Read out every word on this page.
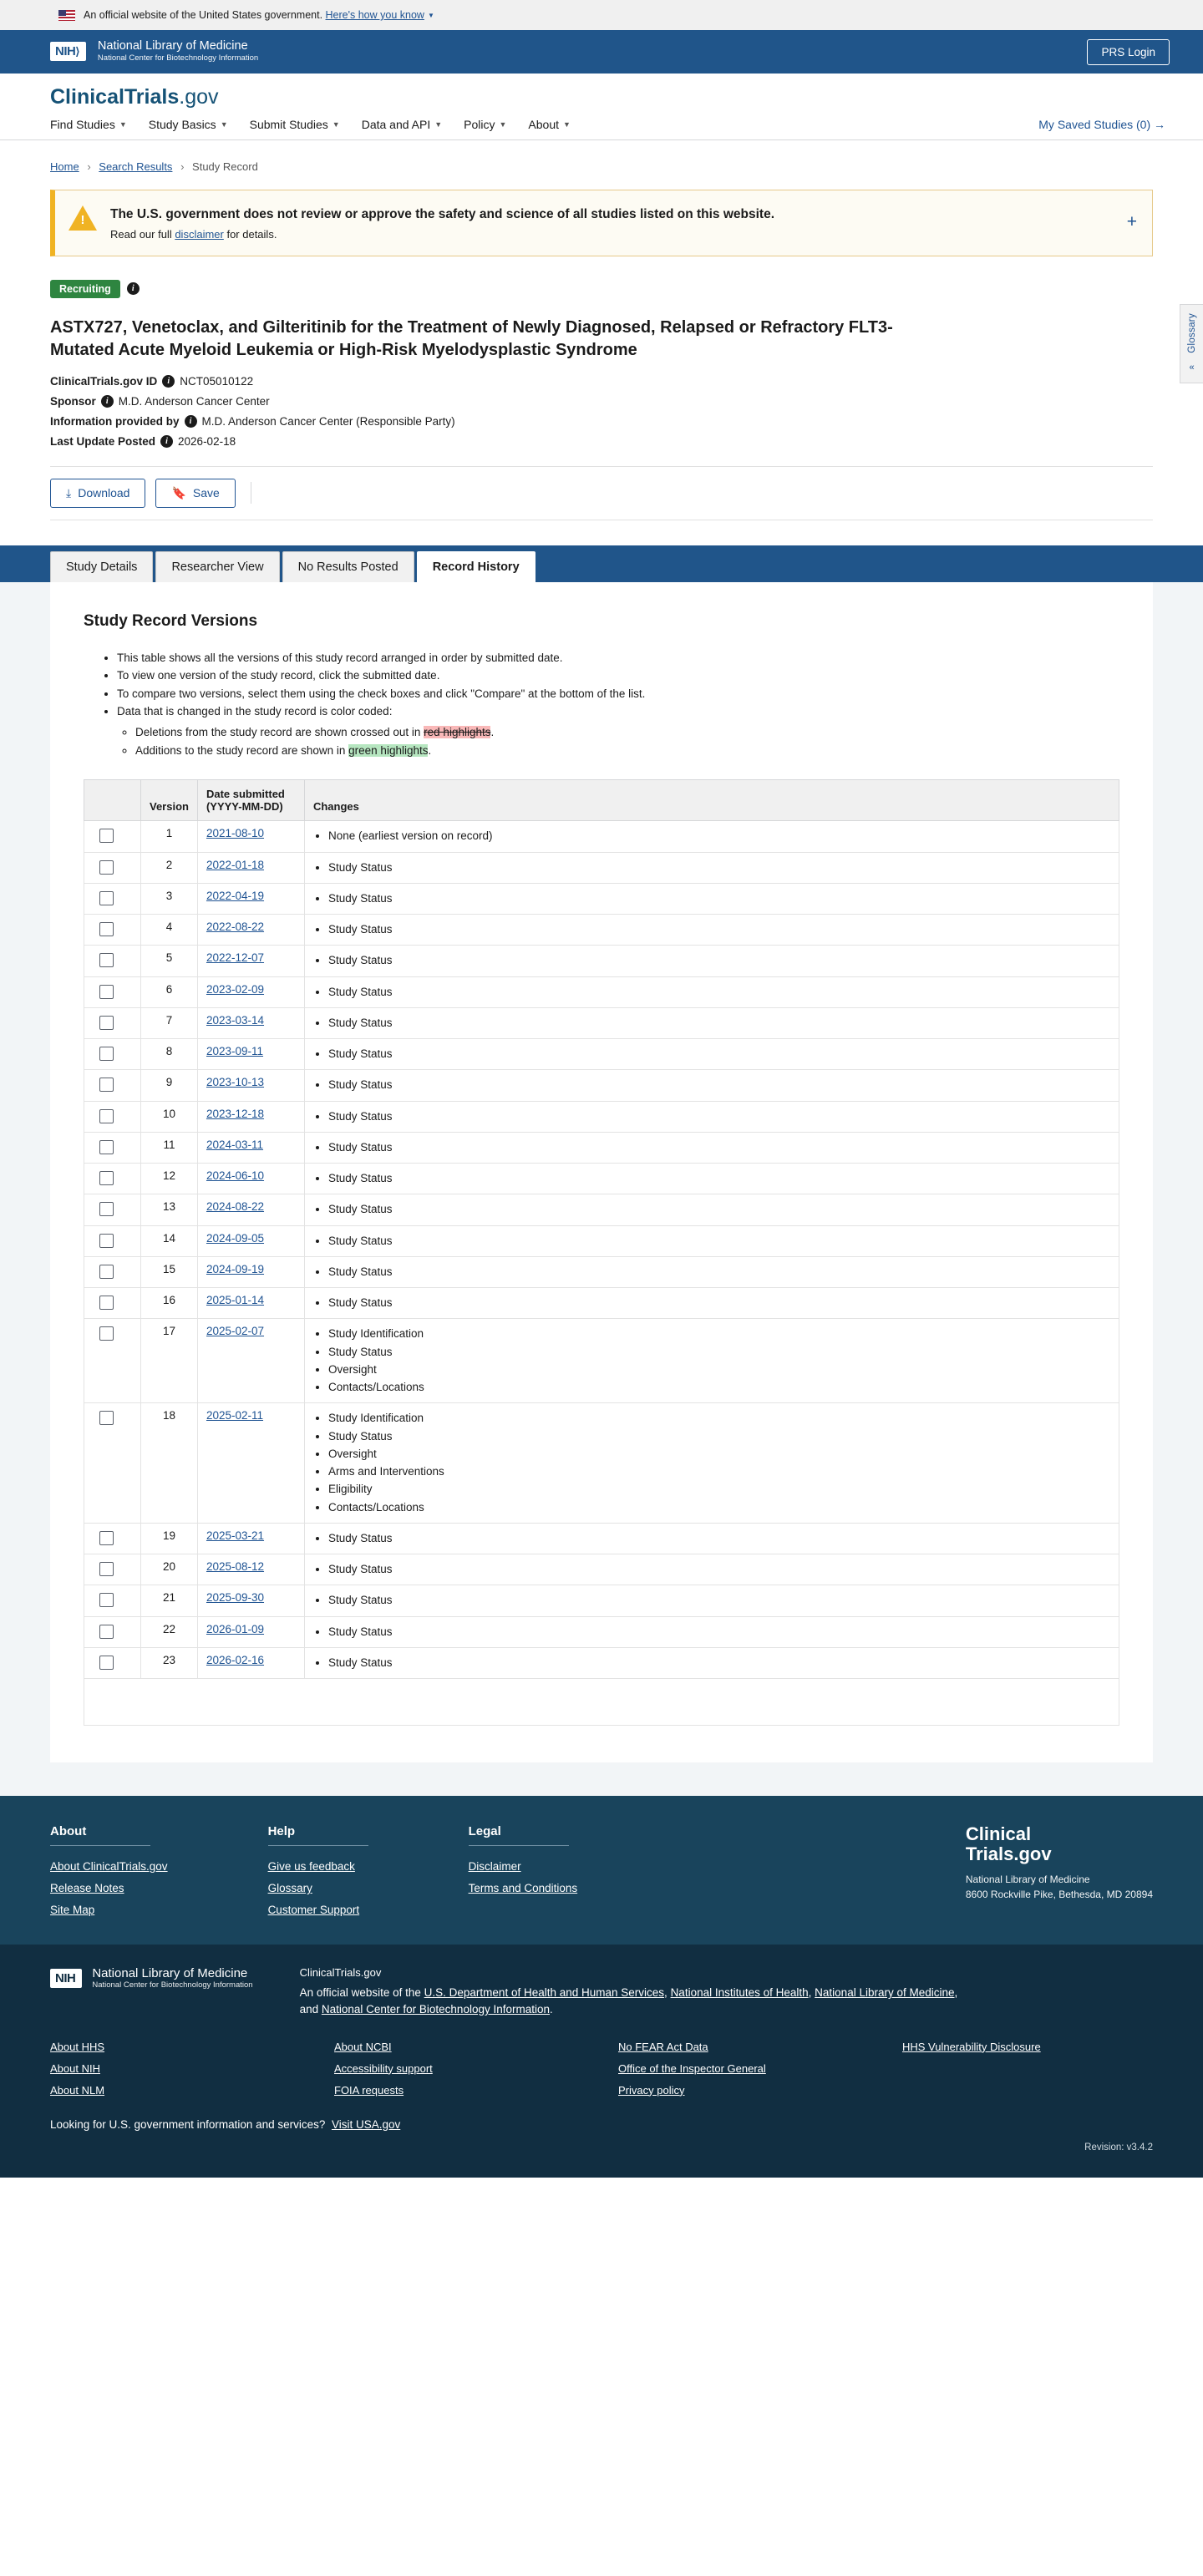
An official website of the United States government.
Here's how you know ▼
NIH⟩	National Library of Medicine
National Center for Biotechnology Information
PRS Login
ClinicalTrials.gov
Find Studies ▼ Study Basics ▼ Submit Studies ▼ Data and API ▼ Policy ▼ About ▼	My Saved Studies (0) →
Glossary
«
Home › Search Results › Study Record
!	The U.S. government does not review or approve the safety and science of all studies listed on this website.
Read our full disclaimer for details.
+
Recruiting	i
ASTX727, Venetoclax, and Gilteritinib for the Treatment of Newly Diagnosed, Relapsed or Refractory FLT3-Mutated Acute Myeloid Leukemia or High-Risk Myelodysplastic Syndrome
ClinicalTrials.gov ID	i NCT05010122
Sponsor	i M.D. Anderson Cancer Center
Information provided by	i M.D. Anderson Cancer Center (Responsible Party)
Last Update Posted	i 2026-02-18
⤓ Download	🔖 Save
Study Details	Researcher View	No Results Posted	Record History
Study Record Versions
• This table shows all the versions of this study record arranged in order by submitted date.
• To view one version of the study record, click the submitted date.
• To compare two versions, select them using the check boxes and click "Compare" at the bottom of the list.
• Data that is changed in the study record is color coded:
◦ Deletions from the study record are shown crossed out in red highlights.
◦ Additions to the study record are shown in green highlights.
	Version	Date submitted (YYYY-MM-DD)	Changes

	1	2021-08-10	
•None (earliest version on record)

	2	2022-01-18	
•Study Status

	3	2022-04-19	
•Study Status

	4	2022-08-22	
•Study Status

	5	2022-12-07	
•Study Status

	6	2023-02-09	
•Study Status

	7	2023-03-14	
•Study Status

	8	2023-09-11	
•Study Status

	9	2023-10-13	
•Study Status

	10	2023-12-18	
•Study Status

	11	2024-03-11	
•Study Status

	12	2024-06-10	
•Study Status

	13	2024-08-22	
•Study Status

	14	2024-09-05	
•Study Status

	15	2024-09-19	
•Study Status

	16	2025-01-14	
•Study Status

	17	2025-02-07	
•Study Identification
• Study Status
• Oversight
• Contacts/Locations

	18	2025-02-11	
•Study Identification
• Study Status
• Oversight
• Arms and Interventions
• Eligibility
• Contacts/Locations

	19	2025-03-21	
•Study Status

	20	2025-08-12	
•Study Status

	21	2025-09-30	
•Study Status

	22	2026-01-09	
•Study Status

	23	2026-02-16	
•Study Status

About
About ClinicalTrials.gov
Release Notes
Site Map
Help
Give us feedback
Glossary
Customer Support
Legal
Disclaimer
Terms and Conditions
Clinical
Trials.gov
National Library of Medicine
8600 Rockville Pike, Bethesda, MD 20894
NIH	National Library of Medicine
National Center for Biotechnology Information
ClinicalTrials.gov
An official website of the U.S. Department of Health and Human Services, National Institutes of Health, National Library of Medicine, and National Center for Biotechnology Information.
About HHS	About NCBI	No FEAR Act Data	HHS Vulnerability Disclosure
About NIH	Accessibility support	Office of the Inspector General
About NLM	FOIA requests	Privacy policy
Looking for U.S. government information and services? Visit USA.gov
Revision: v3.4.2
